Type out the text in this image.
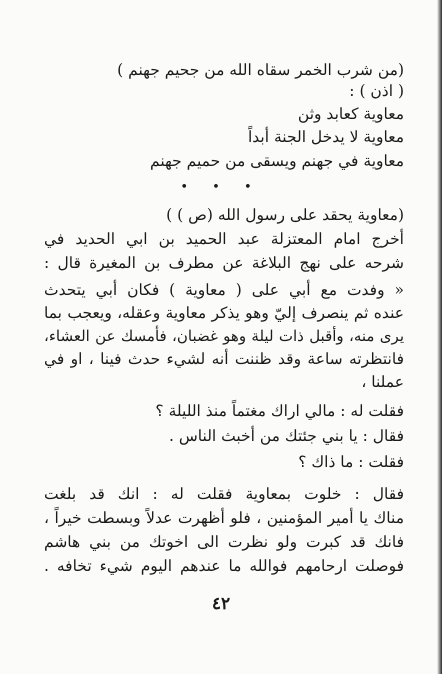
(من شرب الخمر سقاه الله من جحيم جهنم )
( اذن ) :
معاوية كعابد وثن
معاوية لا يدخل الجنة أبداً
معاوية في جهنم ويسقى من حميم جهنم
• • •
(معاوية يحقد على رسول الله (ص ) )
أخرج امام المعتزلة عبد الحميد بن ابي الحديد في
شرحه على نهج البلاغة عن مطرف بن المغيرة قال :
« وفدت مع أبي على ( معاوية ) فكان أبي يتحدث
عنده ثم ينصرف إليّ وهو يذكر معاوية وعقله، ويعجب بما
يرى منه، وأقبل ذات ليلة وهو غضبان، فأمسك عن العشاء،
فانتظرته ساعة وقد ظننت أنه لشيء حدث فينا ، او في
عملنا ،
فقلت له : مالي اراك مغتماً منذ الليلة ؟
فقال : يا بني جئتك من أخبث الناس .
فقلت : ما ذاك ؟
فقال : خلوت بمعاوية فقلت له : انك قد بلغت
مناك يا أمير المؤمنين ، فلو أظهرت عدلاً وبسطت خيراً ،
فانك قد كبرت ولو نظرت الى اخوتك من بني هاشم
فوصلت ارحامهم فوالله ما عندهم اليوم شيء تخافه .
٤٢
